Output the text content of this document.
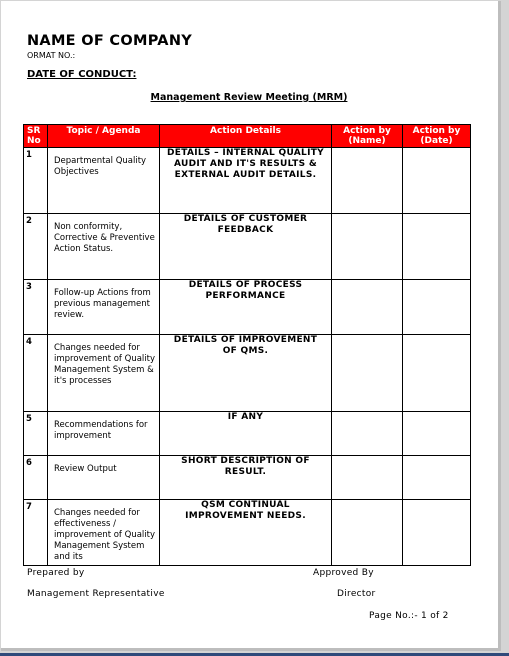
NAME OF COMPANY
ORMAT NO.:
DATE OF CONDUCT:
Management Review Meeting (MRM)
SR No	Topic / Agenda	Action Details	Action by (Name)	Action by (Date)
1	Departmental Quality Objectives	DETAILS – INTERNAL QUALITY AUDIT AND IT'S RESULTS & EXTERNAL AUDIT DETAILS.		
2	Non conformity, Corrective & Preventive Action Status.	DETAILS OF CUSTOMER FEEDBACK		
3	Follow-up Actions from previous management review.	DETAILS OF PROCESS PERFORMANCE		
4	Changes needed for improvement of Quality Management System & it's processes	DETAILS OF IMPROVEMENT OF QMS.		
5	Recommendations for improvement	IF ANY		
6	Review Output	SHORT DESCRIPTION OF RESULT.		
7	Changes needed for effectiveness / improvement of Quality Management System and its	QSM CONTINUAL IMPROVEMENT NEEDS.		
Prepared by	Approved By
Management Representative	Director
Page No.:- 1 of 2
